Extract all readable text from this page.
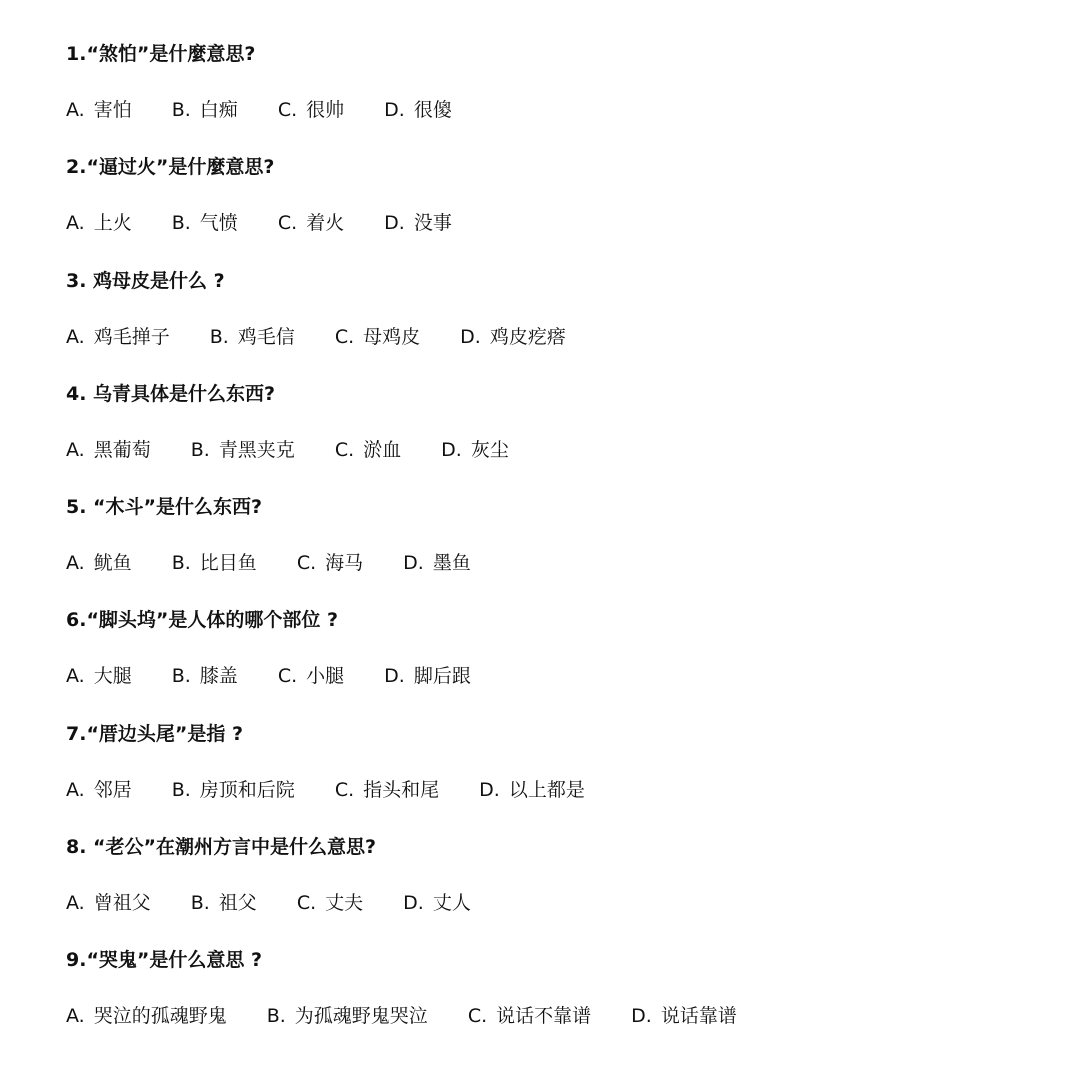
1.“煞怕”是什麼意思?
A. 害怕 B. 白痴 C. 很帅 D. 很傻
2.“逼过火”是什麼意思?
A. 上火 B. 气愤 C. 着火 D. 没事
3. 鸡母皮是什么 ?
A. 鸡毛掸子 B. 鸡毛信 C. 母鸡皮 D. 鸡皮疙瘩
4. 乌青具体是什么东西?
A. 黑葡萄 B. 青黑夹克 C. 淤血 D. 灰尘
5. “木斗”是什么东西?
A. 鱿鱼 B. 比目鱼 C. 海马 D. 墨鱼
6.“脚头坞”是人体的哪个部位 ?
A. 大腿 B. 膝盖 C. 小腿 D. 脚后跟
7.“厝边头尾”是指 ?
A. 邻居 B. 房顶和后院 C. 指头和尾 D. 以上都是
8. “老公”在潮州方言中是什么意思?
A. 曾祖父 B. 祖父 C. 丈夫 D. 丈人
9.“哭鬼”是什么意思 ?
A. 哭泣的孤魂野鬼 B. 为孤魂野鬼哭泣 C. 说话不靠谱 D. 说话靠谱
